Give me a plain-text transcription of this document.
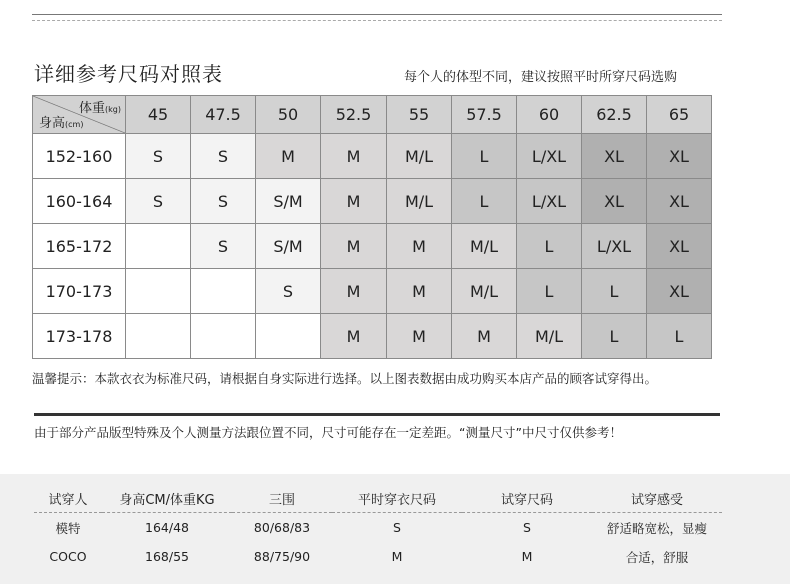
详细参考尺码对照表	每个人的体型不同，建议按照平时所穿尺码选购
体重(kg)
身高(cm)	45	47.5	50	52.5	55	57.5	60	62.5	65
152-160	S	S	M	M	M/L	L	L/XL	XL	XL
160-164	S	S	S/M	M	M/L	L	L/XL	XL	XL
165-172		S	S/M	M	M	M/L	L	L/XL	XL
170-173			S	M	M	M/L	L	L	XL
173-178				M	M	M	M/L	L	L
温馨提示：本款衣衣为标准尺码，请根据自身实际进行选择。以上图表数据由成功购买本店产品的顾客试穿得出。
由于部分产品版型特殊及个人测量方法跟位置不同，尺寸可能存在一定差距。“测量尺寸”中尺寸仅供参考！
试穿人	身高CM/体重KG	三围	平时穿衣尺码	试穿尺码	试穿感受
模特	164/48	80/68/83	S	S	舒适略宽松，显瘦
COCO	168/55	88/75/90	M	M	合适，舒服
